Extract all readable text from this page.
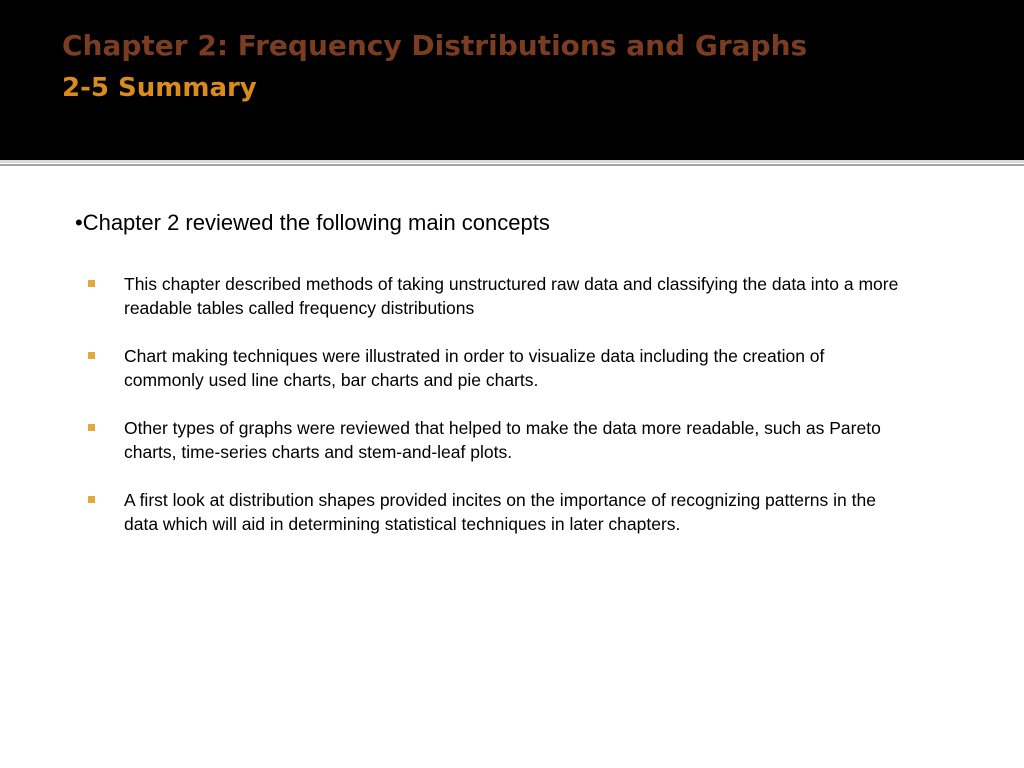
Chapter 2: Frequency Distributions and Graphs
2-5 Summary

•Chapter 2 reviewed the following main concepts

This chapter described methods of taking unstructured raw data and classifying the data into a more readable tables called frequency distributions
Chart making techniques were illustrated in order to visualize data including the creation of commonly used line charts, bar charts and pie charts.
Other types of graphs were reviewed that helped to make the data more readable, such as Pareto charts, time-series charts and stem-and-leaf plots.
A first look at distribution shapes provided incites on the importance of recognizing patterns in the data which will aid in determining statistical techniques in later chapters.
